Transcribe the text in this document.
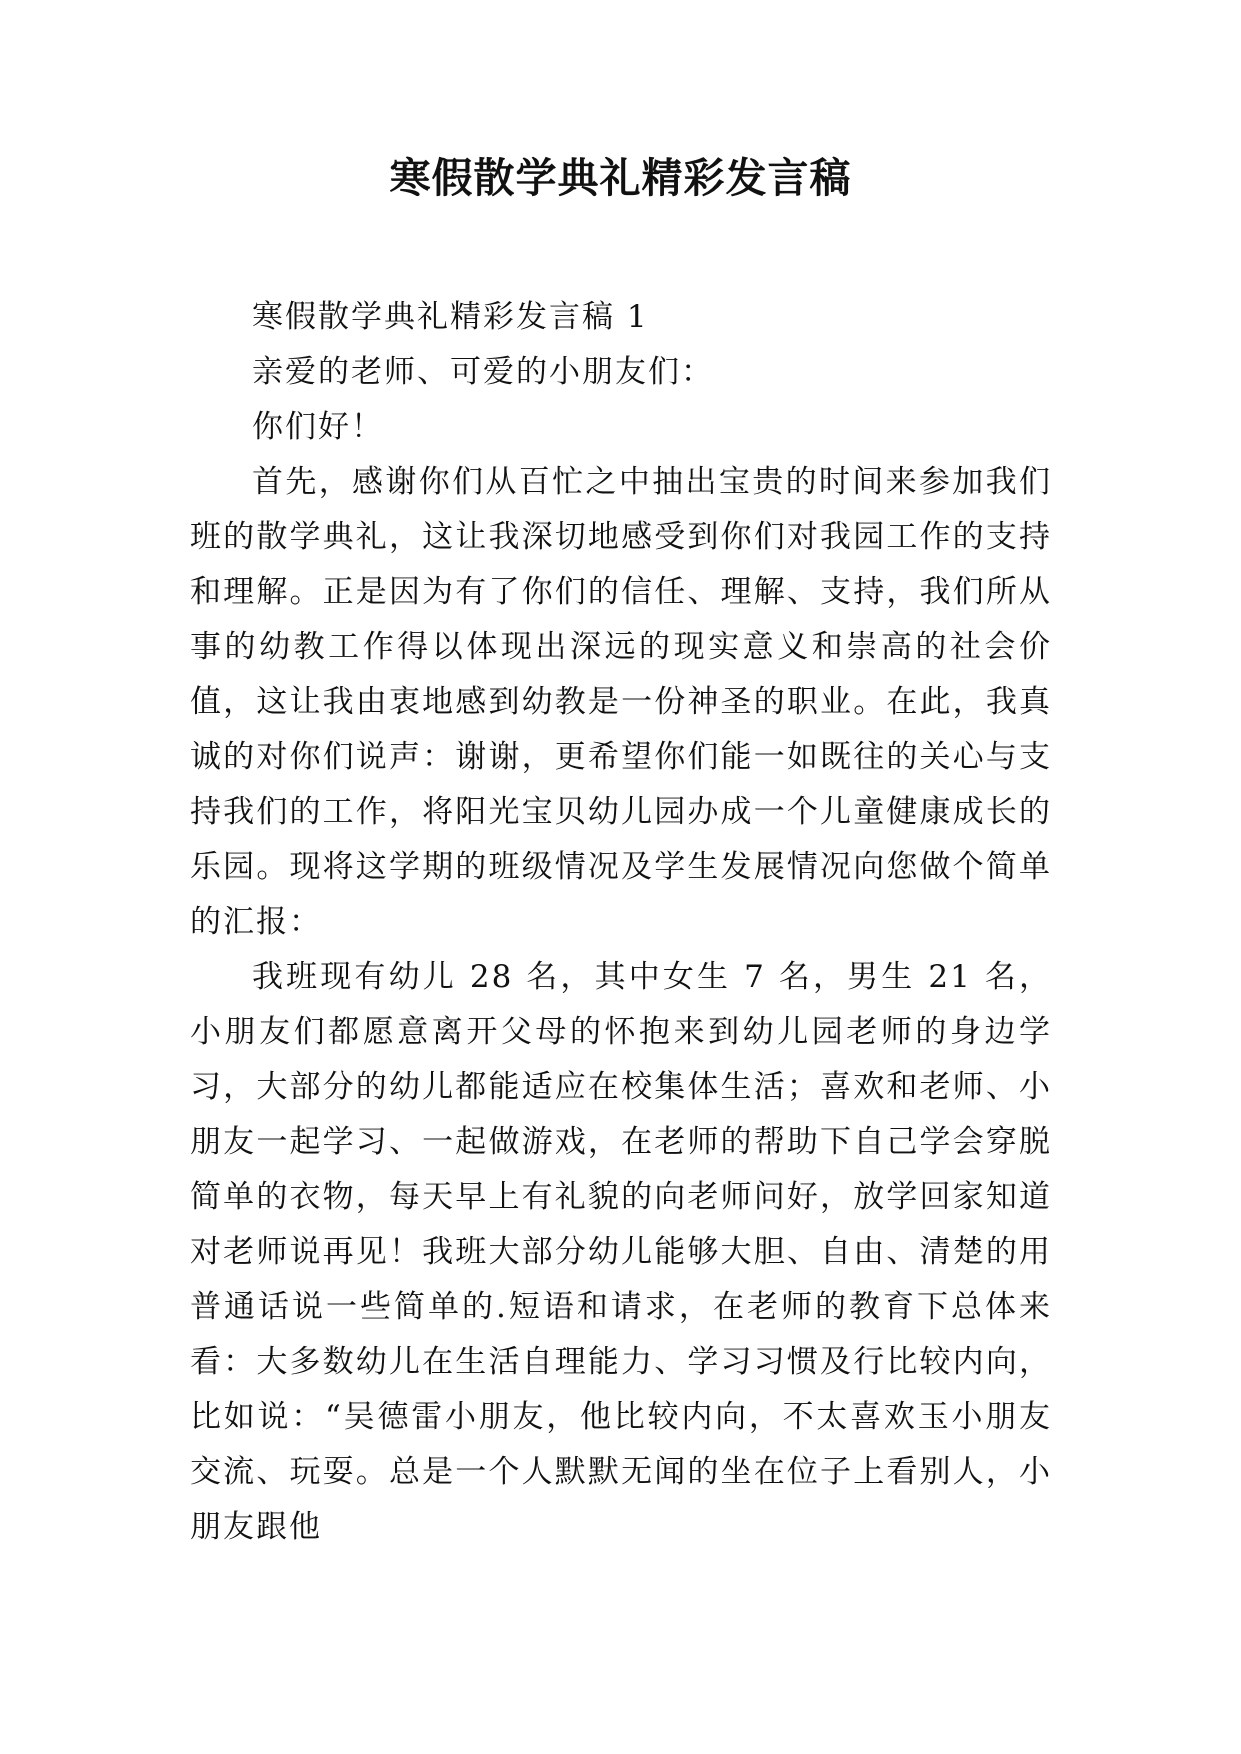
寒假散学典礼精彩发言稿

寒假散学典礼精彩发言稿 1

亲爱的老师、可爱的小朋友们：

你们好！

首先，感谢你们从百忙之中抽出宝贵的时间来参加我们班的散学典礼，这让我深切地感受到你们对我园工作的支持和理解。正是因为有了你们的信任、理解、支持，我们所从事的幼教工作得以体现出深远的现实意义和崇高的社会价值，这让我由衷地感到幼教是一份神圣的职业。在此，我真诚的对你们说声：谢谢，更希望你们能一如既往的关心与支持我们的工作，将阳光宝贝幼儿园办成一个儿童健康成长的乐园。现将这学期的班级情况及学生发展情况向您做个简单的汇报：

我班现有幼儿 28 名，其中女生 7 名，男生 21 名，小朋友们都愿意离开父母的怀抱来到幼儿园老师的身边学习，大部分的幼儿都能适应在校集体生活；喜欢和老师、小朋友一起学习、一起做游戏，在老师的帮助下自己学会穿脱简单的衣物，每天早上有礼貌的向老师问好，放学回家知道对老师说再见！我班大部分幼儿能够大胆、自由、清楚的用普通话说一些简单的.短语和请求，在老师的教育下总体来看：大多数幼儿在生活自理能力、学习习惯及行比较内向，比如说：“吴德雷小朋友，他比较内向，不太喜欢玉小朋友交流、玩耍。总是一个人默默无闻的坐在位子上看别人，小朋友跟他
